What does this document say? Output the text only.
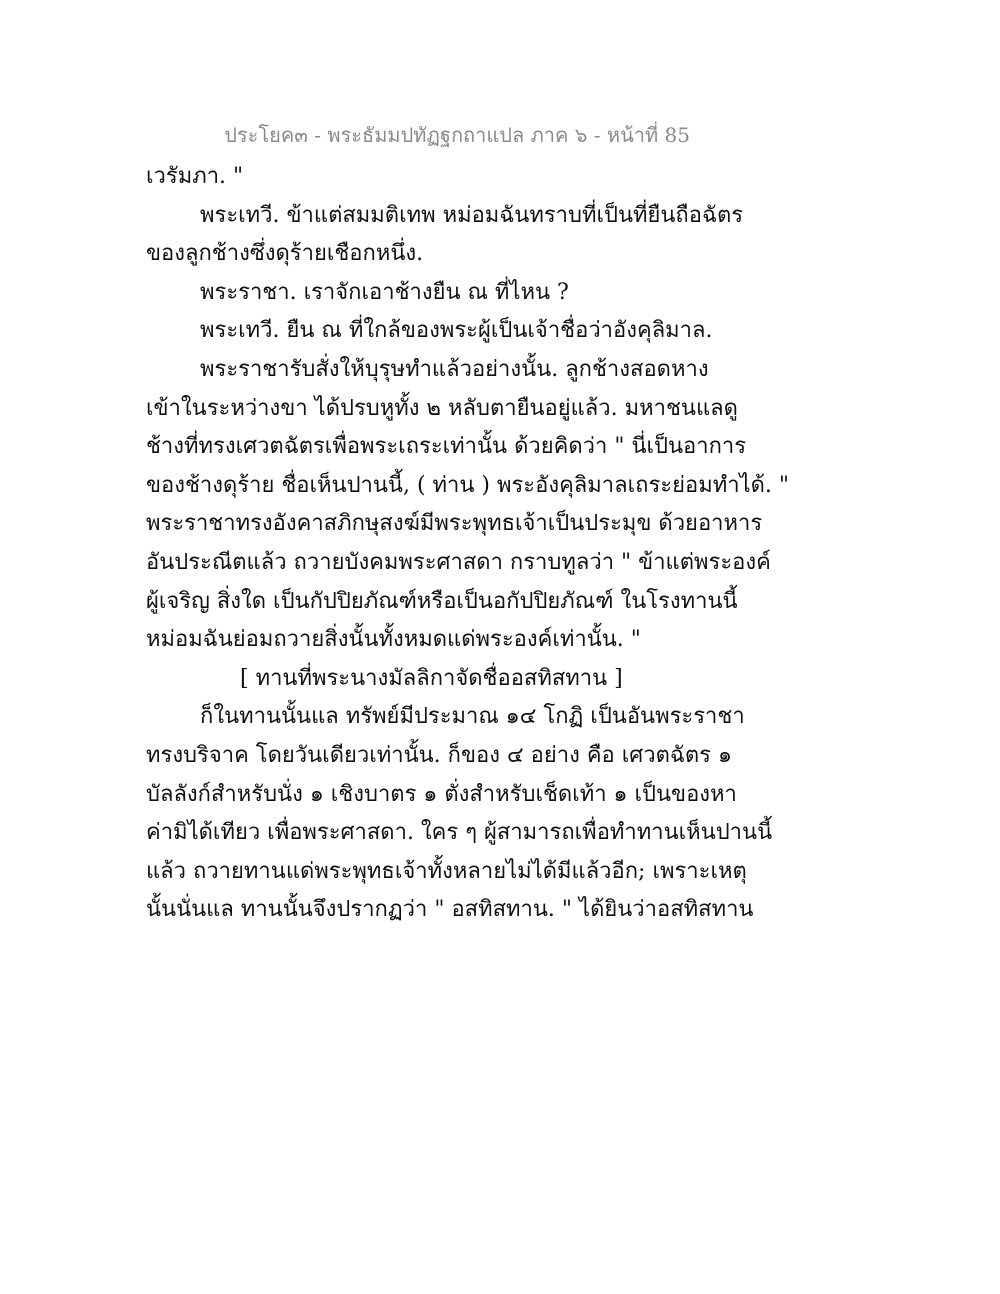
ประโยค๓ - พระธัมมปทัฏฐกถาแปล ภาค ๖ - หน้าที่ 85
เวรัมภา. "
พระเทวี. ข้าแต่สมมติเทพ หม่อมฉันทราบที่เป็นที่ยืนถือฉัตร
ของลูกช้างซึ่งดุร้ายเชือกหนึ่ง.
พระราชา. เราจักเอาช้างยืน ณ ที่ไหน ?
พระเทวี. ยืน ณ ที่ใกล้ของพระผู้เป็นเจ้าชื่อว่าอังคุลิมาล.
พระราชารับสั่งให้บุรุษทำแล้วอย่างนั้น. ลูกช้างสอดหาง
เข้าในระหว่างขา ได้ปรบหูทั้ง ๒ หลับตายืนอยู่แล้ว. มหาชนแลดู
ช้างที่ทรงเศวตฉัตรเพื่อพระเถระเท่านั้น ด้วยคิดว่า " นี่เป็นอาการ
ของช้างดุร้าย ชื่อเห็นปานนี้, ( ท่าน ) พระอังคุลิมาลเถระย่อมทำได้. "
พระราชาทรงอังคาสภิกษุสงฆ์มีพระพุทธเจ้าเป็นประมุข ด้วยอาหาร
อันประณีตแล้ว ถวายบังคมพระศาสดา กราบทูลว่า " ข้าแต่พระองค์
ผู้เจริญ สิ่งใด เป็นกัปปิยภัณฑ์หรือเป็นอกัปปิยภัณฑ์ ในโรงทานนี้
หม่อมฉันย่อมถวายสิ่งนั้นทั้งหมดแด่พระองค์เท่านั้น. "
[ ทานที่พระนางมัลลิกาจัดชื่ออสทิสทาน ]
ก็ในทานนั้นแล ทรัพย์มีประมาณ ๑๔ โกฏิ เป็นอันพระราชา
ทรงบริจาค โดยวันเดียวเท่านั้น. ก็ของ ๔ อย่าง คือ เศวตฉัตร ๑
บัลลังก์สำหรับนั่ง ๑ เชิงบาตร ๑ ตั่งสำหรับเช็ดเท้า ๑ เป็นของหา
ค่ามิได้เทียว เพื่อพระศาสดา. ใคร ๆ ผู้สามารถเพื่อทำทานเห็นปานนี้
แล้ว ถวายทานแด่พระพุทธเจ้าทั้งหลายไม่ได้มีแล้วอีก; เพราะเหตุ
นั้นนั่นแล ทานนั้นจึงปรากฏว่า " อสทิสทาน. " ได้ยินว่าอสทิสทาน
